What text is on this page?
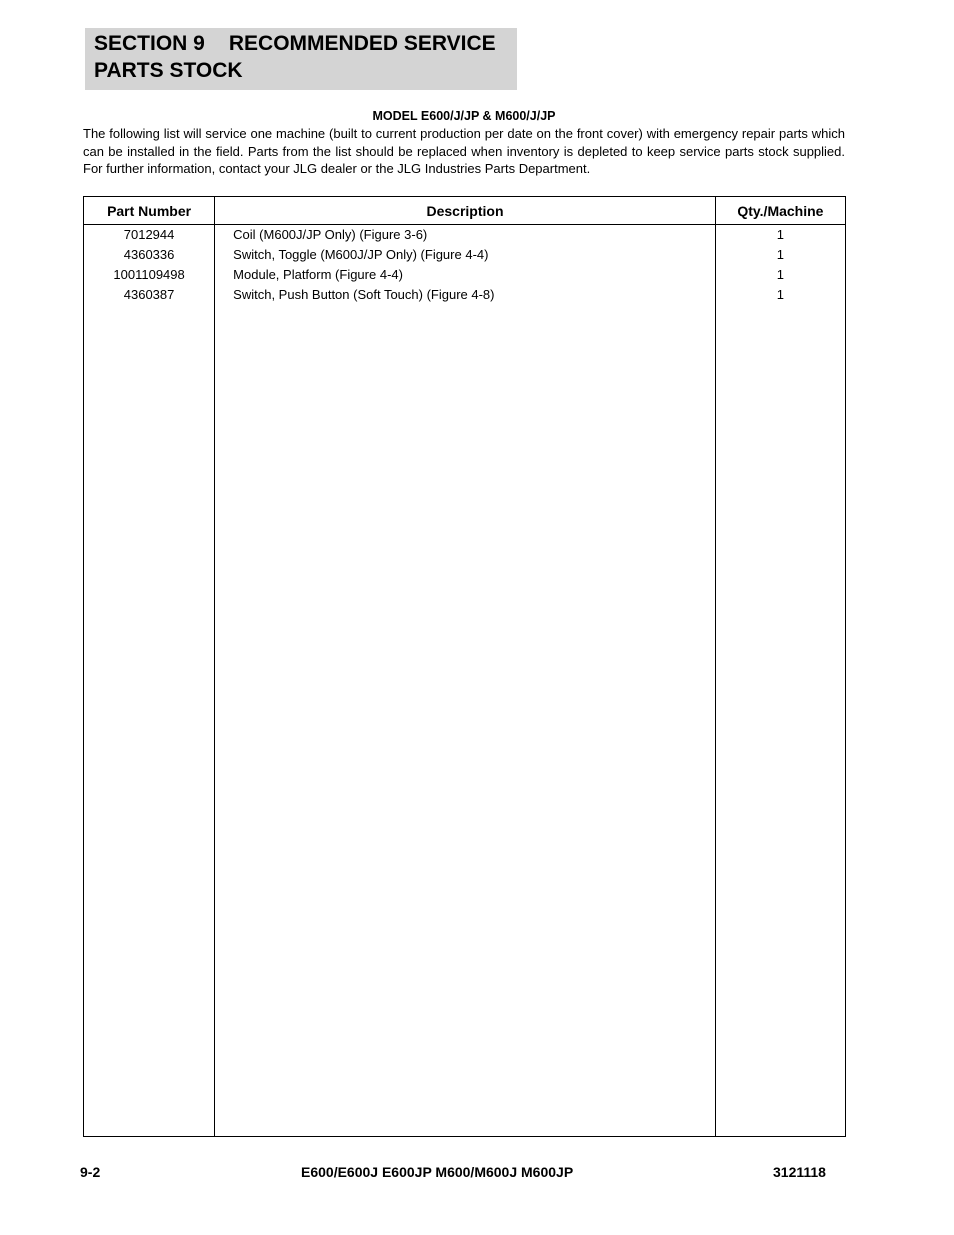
SECTION 9 RECOMMENDED SERVICE
PARTS STOCK
MODEL E600/J/JP & M600/J/JP

The following list will service one machine (built to current production per date on the front cover) with emergency repair parts which can be installed in the field. Parts from the list should be replaced when inventory is depleted to keep service parts stock supplied. For further information, contact your JLG dealer or the JLG Industries Parts Department.

Part Number	Description	Qty./Machine
7012944	Coil (M600J/JP Only) (Figure 3-6)	1
4360336	Switch, Toggle (M600J/JP Only) (Figure 4-4)	1
1001109498	Module, Platform (Figure 4-4)	1
4360387	Switch, Push Button (Soft Touch) (Figure 4-8)	1

9-2	E600/E600J E600JP M600/M600J M600JP	3121118
